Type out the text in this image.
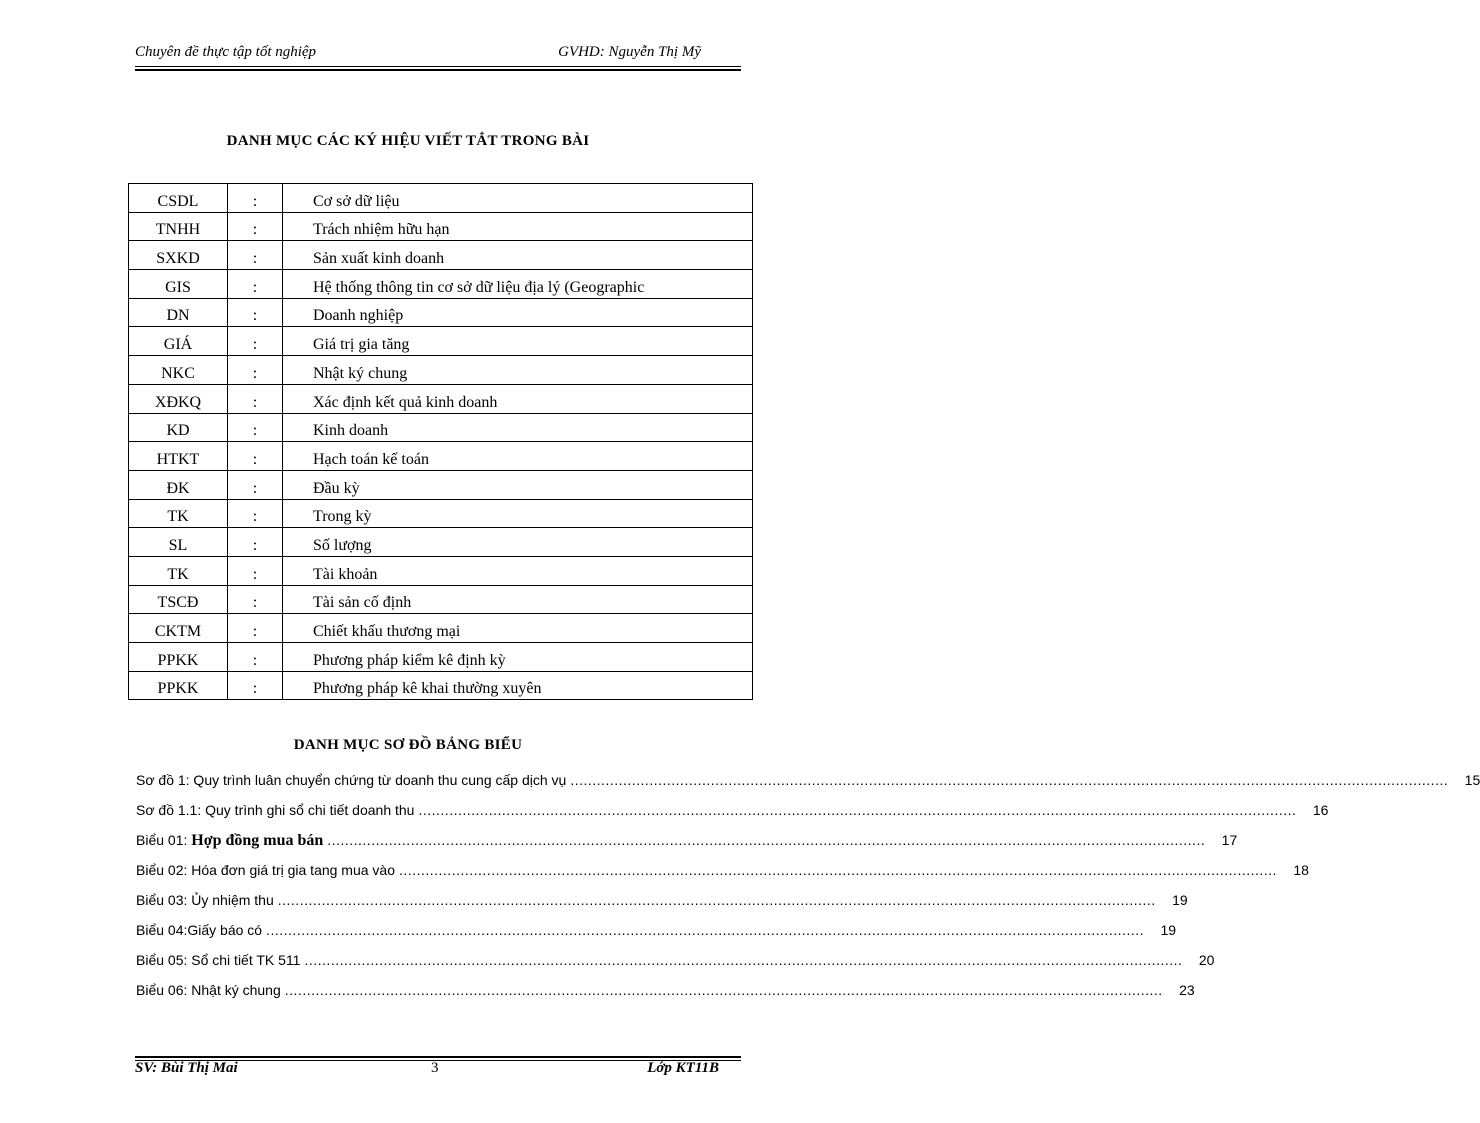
Chuyên đề thực tập tốt nghiệp	GVHD: Nguyễn Thị Mỹ
DANH MỤC CÁC KÝ HIỆU VIẾT TẮT TRONG BÀI
CSDL	:	Cơ sở dữ liệu
TNHH	:	Trách nhiệm hữu hạn
SXKD	:	Sản xuất kinh doanh
GIS	:	Hệ thống thông tin cơ sở dữ liệu địa lý (Geographic
DN	:	Doanh nghiệp
GIÁ	:	Giá trị gia tăng
NKC	:	Nhật ký chung
XĐKQ	:	Xác định kết quả kinh doanh
KD	:	Kinh doanh
HTKT	:	Hạch toán kế toán
ĐK	:	Đầu kỳ
TK	:	Trong kỳ
SL	:	Số lượng
TK	:	Tài khoản
TSCĐ	:	Tài sản cố định
CKTM	:	Chiết khấu thương mại
PPKK	:	Phương pháp kiểm kê định kỳ
PPKK	:	Phương pháp kê khai thường xuyên
DANH MỤC SƠ ĐỒ BẢNG BIỂU
Sơ đồ 1: Quy trình luân chuyển chứng từ doanh thu cung cấp dịch vụ ........................................................................................................................................................................................................	15
Sơ đồ 1.1: Quy trình ghi sổ chi tiết doanh thu ........................................................................................................................................................................................................	16
Biểu 01: Hợp đồng mua bán ........................................................................................................................................................................................................	17
Biểu 02: Hóa đơn giá trị gia tang mua vào ........................................................................................................................................................................................................	18
Biểu 03: Ủy nhiệm thu ........................................................................................................................................................................................................	19
Biểu 04:Giấy báo có ........................................................................................................................................................................................................	19
Biểu 05: Sổ chi tiết TK 511 ........................................................................................................................................................................................................	20
Biểu 06: Nhật ký chung ........................................................................................................................................................................................................	23
SV: Bùi Thị Mai	3	Lớp KT11B
